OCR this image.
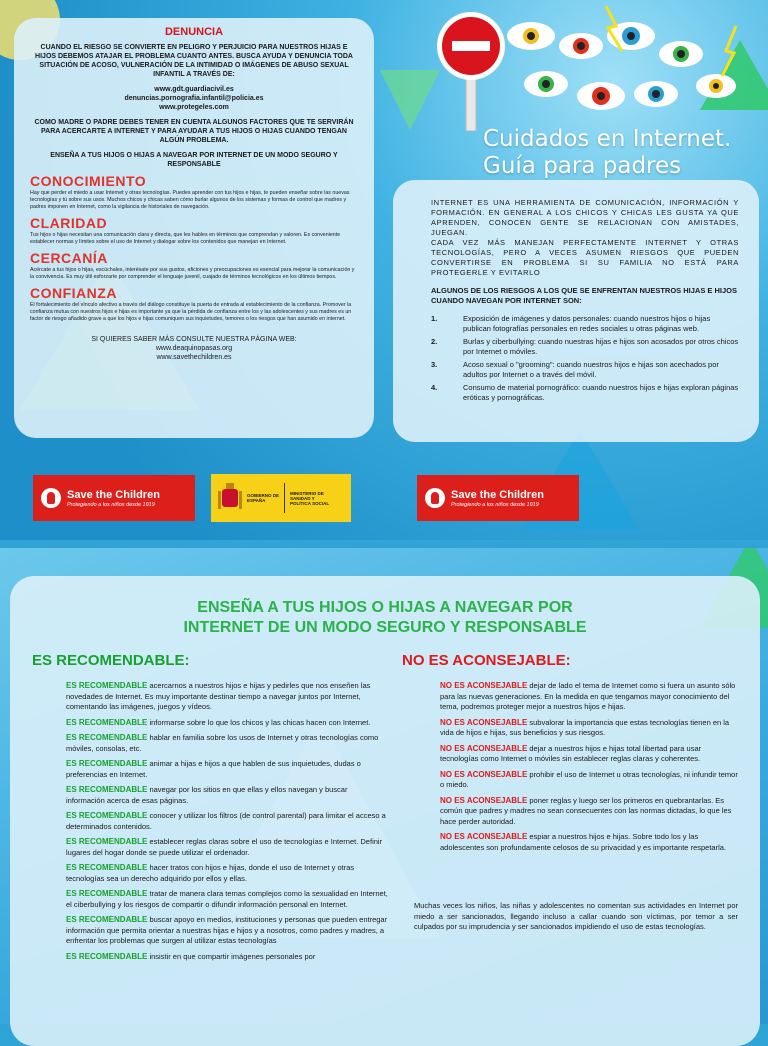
Cuidados en Internet.
Guía para padres
DENUNCIA
CUANDO EL RIESGO SE CONVIERTE EN PELIGRO Y PERJUICIO PARA NUESTROS HIJAS E HIJOS DEBEMOS ATAJAR EL PROBLEMA CUANTO ANTES. BUSCA AYUDA Y DENUNCIA TODA SITUACIÓN DE ACOSO, VULNERACIÓN DE LA INTIMIDAD O IMÁGENES DE ABUSO SEXUAL INFANTIL A TRAVÉS DE:
www.gdt.guardiacivil.es
denuncias.pornografia.infantil@policia.es
www.protegeles.com
COMO MADRE O PADRE DEBES TENER EN CUENTA ALGUNOS FACTORES QUE TE SERVIRÁN PARA ACERCARTE A INTERNET Y PARA AYUDAR A TUS HIJOS O HIJAS CUANDO TENGAN ALGÚN PROBLEMA.
ENSEÑA A TUS HIJOS O HIJAS A NAVEGAR POR INTERNET DE UN MODO SEGURO Y RESPONSABLE
CONOCIMIENTO
Hay que perder el miedo a usar Internet y otras tecnologías. Puedes aprender con tus hijos e hijas, te pueden enseñar sobre las nuevas tecnologías y tú sobre sus usos. Muchos chicos y chicas saben cómo burlar algunos de los sistemas y formas de control que madres y padres imponen en Internet, como la vigilancia de historiales de navegación.
CLARIDAD
Tus hijos o hijas necesitan una comunicación clara y directa, que les hables en términos que comprendan y valoren. Es conveniente establecer normas y límites sobre el uso de Internet y dialogar sobre los contenidos que manejan en Internet.
CERCANÍA
Acércate a tus hijos o hijas, escúchales, interésate por sus gustos, aficiones y preocupaciones es esencial para mejorar la comunicación y la convivencia. Es muy útil esforzarte por comprender el lenguaje juvenil, cuajado de términos tecnológicos en los últimos tiempos.
CONFIANZA
El fortalecimiento del vínculo afectivo a través del diálogo constituye la puerta de entrada al establecimiento de la confianza. Promover la confianza mutua con nuestros hijos e hijas es importante ya que la pérdida de confianza entre los y las adolescentes y sus madres es un factor de riesgo añadido grave a que los hijos e hijas comuniquen sus inquietudes, temores o los riesgos que han asumido en internet.
SI QUIERES SABER MÁS CONSULTE NUESTRA PÁGINA WEB:
www.deaquinopasas.org
www.savethechildren.es
INTERNET ES UNA HERRAMIENTA DE COMUNICACIÓN, INFORMACIÓN Y FORMACIÓN. EN GENERAL A LOS CHICOS Y CHICAS LES GUSTA YA QUE APRENDEN, CONOCEN GENTE SE RELACIONAN CON AMISTADES, JUEGAN.
CADA VEZ MÁS MANEJAN PERFECTAMENTE INTERNET Y OTRAS TECNOLOGÍAS, PERO A VECES ASUMEN RIESGOS QUE PUEDEN CONVERTIRSE EN PROBLEMA SI SU FAMILIA NO ESTÁ PARA PROTEGERLE Y EVITARLO
ALGUNOS DE LOS RIESGOS A LOS QUE SE ENFRENTAN NUESTROS HIJAS E HIJOS CUANDO NAVEGAN POR INTERNET SON:
1.	Exposición de imágenes y datos personales: cuando nuestros hijos o hijas publican fotografías personales en redes sociales u otras páginas web.
2.	Burlas y ciberbullying: cuando nuestras hijas e hijos son acosados por otros chicos por Internet o móviles.
3.	Acoso sexual o "grooming": cuando nuestros hijos e hijas son acechados por adultos por Internet o a través del móvil.
4.	Consumo de material pornográfico: cuando nuestros hijos e hijas exploran páginas eróticas y pornográficas.
Save the Children
Protegiendo a los niños desde 1919
GOBIERNO DE ESPAÑA
MINISTERIO DE SANIDAD Y POLÍTICA SOCIAL
Save the Children
Protegiendo a los niños desde 1919
ENSEÑA A TUS HIJOS O HIJAS A NAVEGAR POR
INTERNET DE UN MODO SEGURO Y RESPONSABLE
ES RECOMENDABLE:
ES RECOMENDABLE acercarnos a nuestros hijos e hijas y pedirles que nos enseñen las novedades de Internet. Es muy importante destinar tiempo a navegar juntos por Internet, comentando las imágenes, juegos y vídeos.
ES RECOMENDABLE informarse sobre lo que los chicos y las chicas hacen con Internet.
ES RECOMENDABLE hablar en familia sobre los usos de Internet y otras tecnologías como móviles, consolas, etc.
ES RECOMENDABLE animar a hijas e hijos a que hablen de sus inquietudes, dudas o preferencias en Internet.
ES RECOMENDABLE navegar por los sitios en que ellas y ellos navegan y buscar información acerca de esas páginas.
ES RECOMENDABLE conocer y utilizar los filtros (de control parental) para limitar el acceso a determinados contenidos.
ES RECOMENDABLE establecer reglas claras sobre el uso de tecnologías e Internet. Definir lugares del hogar donde se puede utilizar el ordenador.
ES RECOMENDABLE hacer tratos con hijos e hijas, donde el uso de Internet y otras tecnologías sea un derecho adquirido por ellos y ellas.
ES RECOMENDABLE tratar de manera clara temas complejos como la sexualidad en Internet, el ciberbullying y los riesgos de compartir o difundir información personal en Internet.
ES RECOMENDABLE buscar apoyo en medios, instituciones y personas que pueden entregar información que permita orientar a nuestras hijas e hijos y a nosotros, como padres y madres, a enfrentar los problemas que surgen al utilizar estas tecnologías
ES RECOMENDABLE insistir en que compartir imágenes personales por
NO ES ACONSEJABLE:
NO ES ACONSEJABLE dejar de lado el tema de Internet como si fuera un asunto sólo para las nuevas generaciones. En la medida en que tengamos mayor conocimiento del tema, podremos proteger mejor a nuestros hijos e hijas.
NO ES ACONSEJABLE subvalorar la importancia que estas tecnologías tienen en la vida de hijos e hijas, sus beneficios y sus riesgos.
NO ES ACONSEJABLE dejar a nuestros hijos e hijas total libertad para usar tecnologías como Internet o móviles sin establecer reglas claras y coherentes.
NO ES ACONSEJABLE prohibir el uso de Internet u otras tecnologías, ni infundir temor o miedo.
NO ES ACONSEJABLE poner reglas y luego ser los primeros en quebrantarlas. Es común que padres y madres no sean consecuentes con las normas dictadas, lo que les hace perder autoridad.
NO ES ACONSEJABLE espiar a nuestros hijos e hijas. Sobre todo los y las adolescentes son profundamente celosos de su privacidad y es importante respetarla.
Muchas veces los niños, las niñas y adolescentes no comentan sus actividades en Internet por miedo a ser sancionados, llegando incluso a callar cuando son víctimas, por temor a ser culpados por su imprudencia y ser sancionados impidiendo el uso de estas tecnologías.
